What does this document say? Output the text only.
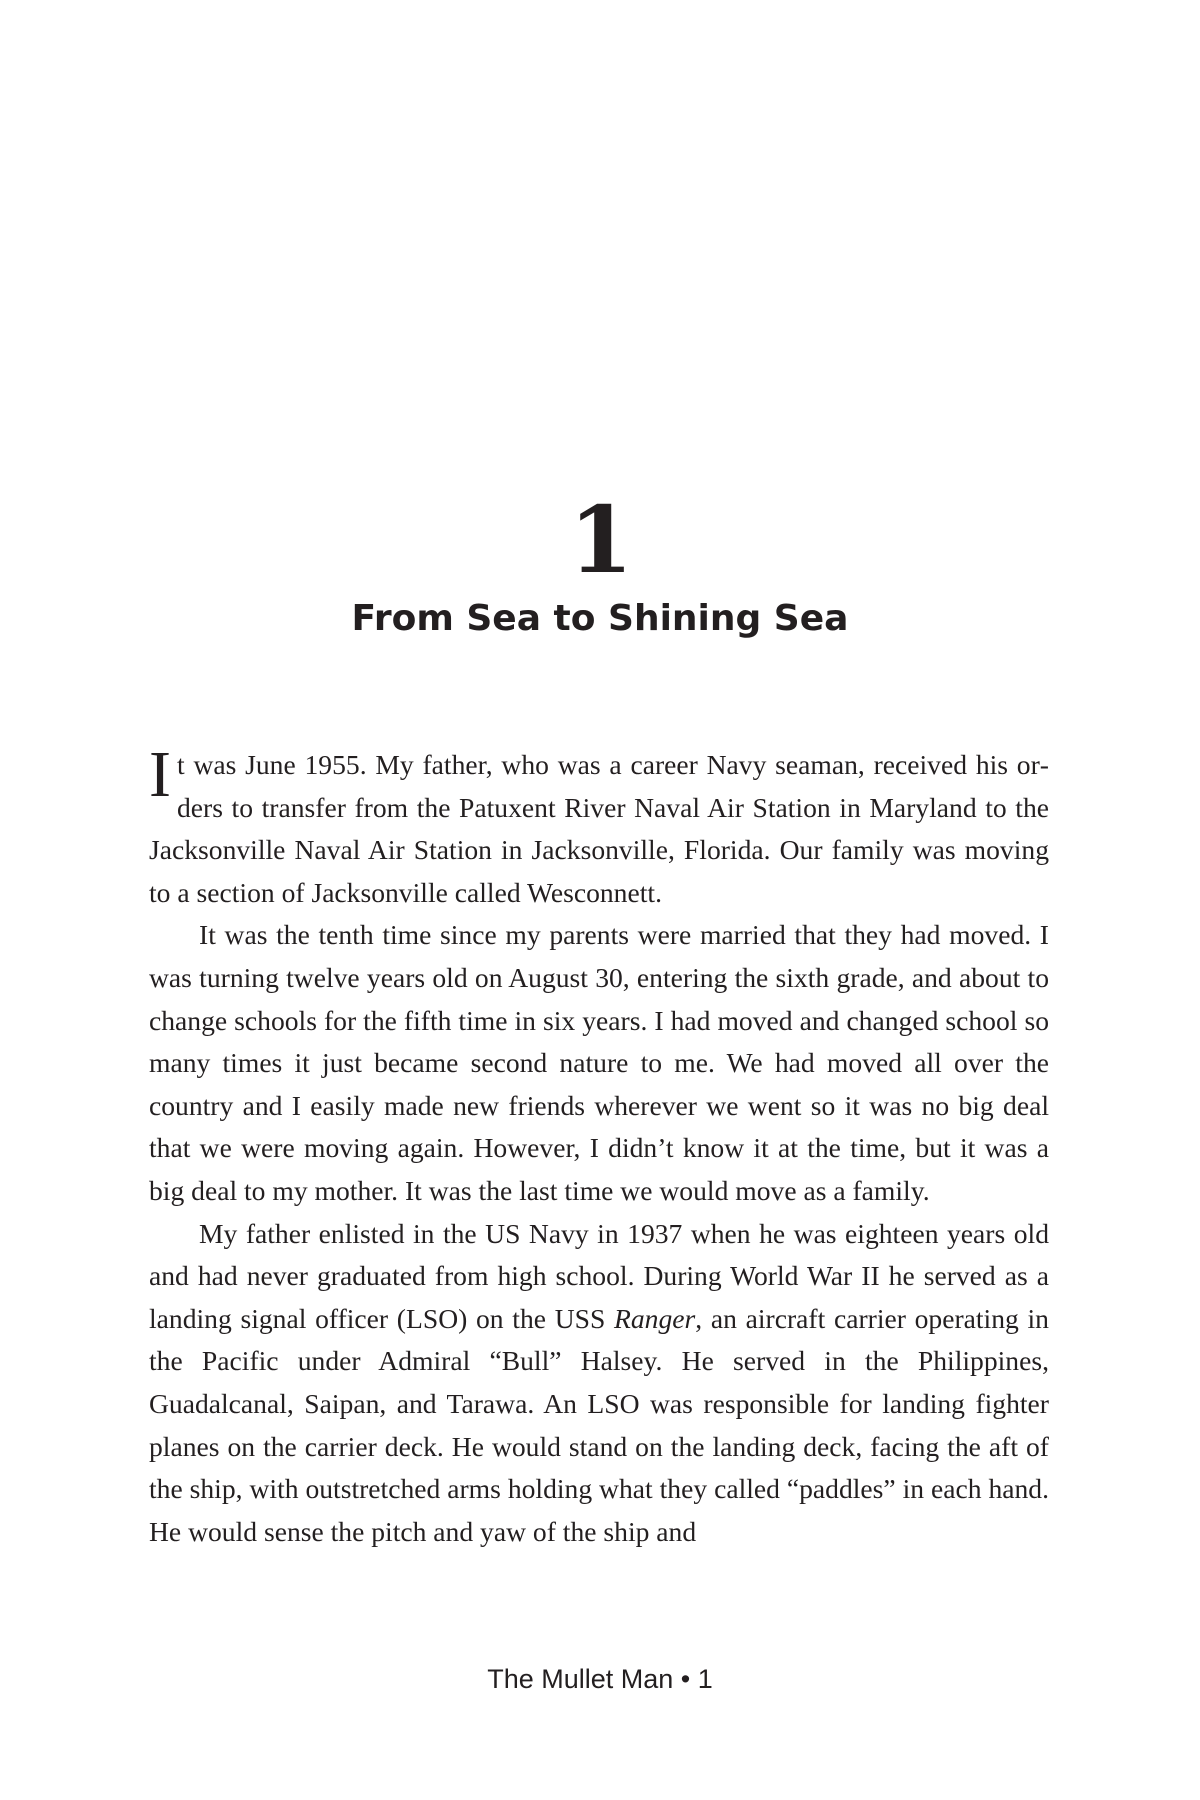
1
From Sea to Shining Sea

It was June 1955. My father, who was a career Navy seaman, received his orders to transfer from the Patuxent River Naval Air Station in Maryland to the Jacksonville Naval Air Station in Jacksonville, Florida. Our family was moving to a section of Jacksonville called Wesconnett.

It was the tenth time since my parents were married that they had moved. I was turning twelve years old on August 30, entering the sixth grade, and about to change schools for the fifth time in six years. I had moved and changed school so many times it just became second nature to me. We had moved all over the country and I easily made new friends wherever we went so it was no big deal that we were moving again. However, I didn’t know it at the time, but it was a big deal to my mother. It was the last time we would move as a family.

My father enlisted in the US Navy in 1937 when he was eighteen years old and had never graduated from high school. During World War II he served as a landing signal officer (LSO) on the USS Ranger, an aircraft carrier operating in the Pacific under Admiral “Bull” Halsey. He served in the Philippines, Guadalcanal, Saipan, and Tarawa. An LSO was responsible for landing fighter planes on the carrier deck. He would stand on the landing deck, facing the aft of the ship, with outstretched arms holding what they called “paddles” in each hand. He would sense the pitch and yaw of the ship and

The Mullet Man • 1
